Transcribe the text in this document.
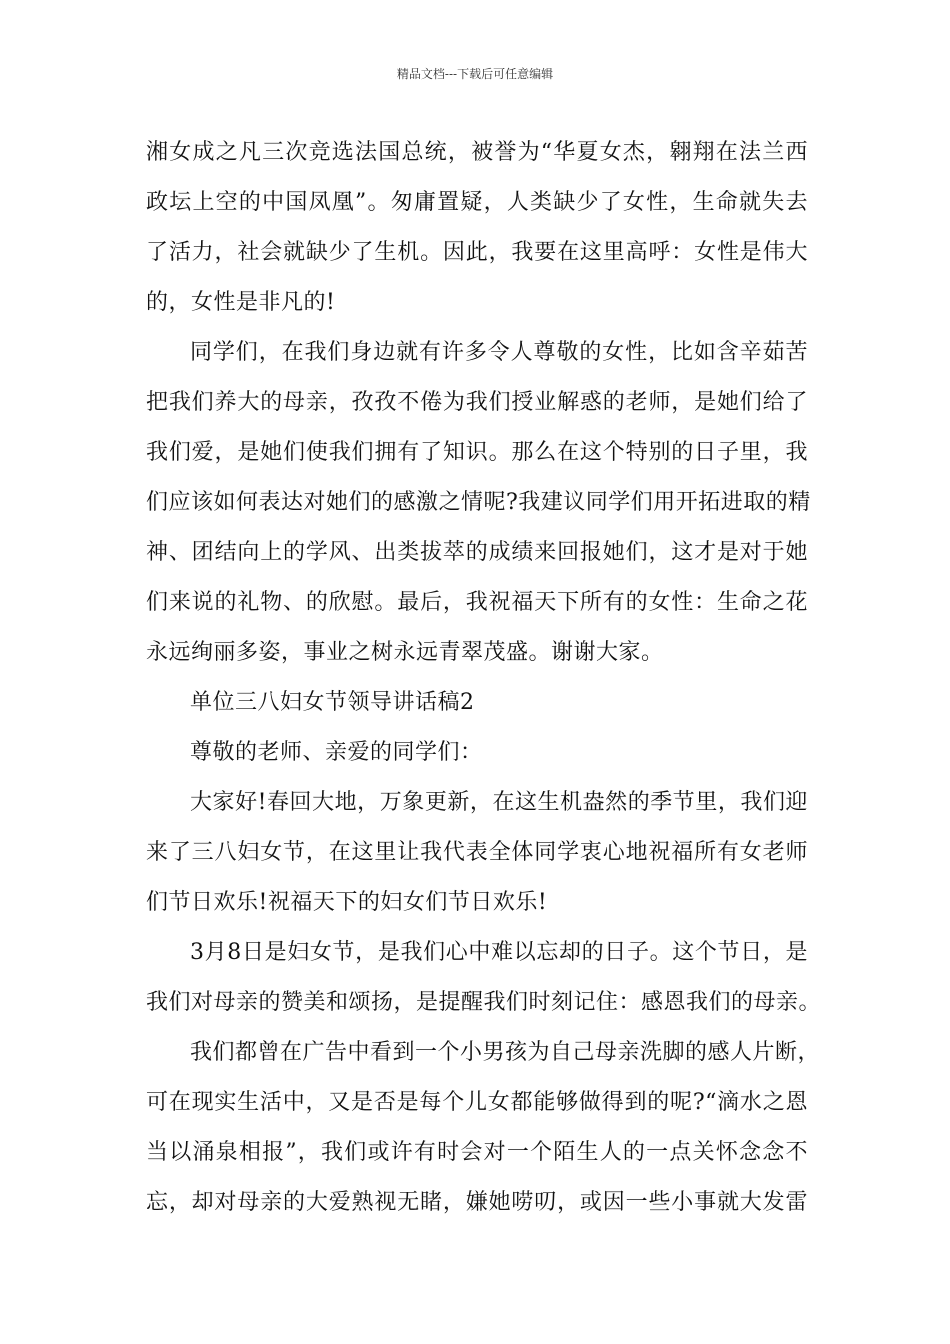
精品文档---下载后可任意编辑
湘女成之凡三次竞选法国总统，被誉为“华夏女杰，翱翔在法兰西
政坛上空的中国凤凰”。匆庸置疑，人类缺少了女性，生命就失去
了活力，社会就缺少了生机。因此，我要在这里高呼：女性是伟大
的，女性是非凡的!
同学们，在我们身边就有许多令人尊敬的女性，比如含辛茹苦
把我们养大的母亲，孜孜不倦为我们授业解惑的老师，是她们给了
我们爱，是她们使我们拥有了知识。那么在这个特别的日子里，我
们应该如何表达对她们的感激之情呢?我建议同学们用开拓进取的精
神、团结向上的学风、出类拔萃的成绩来回报她们，这才是对于她
们来说的礼物、的欣慰。最后，我祝福天下所有的女性：生命之花
永远绚丽多姿，事业之树永远青翠茂盛。谢谢大家。
单位三八妇女节领导讲话稿2
尊敬的老师、亲爱的同学们：
大家好!春回大地，万象更新，在这生机盎然的季节里，我们迎
来了三八妇女节，在这里让我代表全体同学衷心地祝福所有女老师
们节日欢乐!祝福天下的妇女们节日欢乐!
3月8日是妇女节，是我们心中难以忘却的日子。这个节日，是
我们对母亲的赞美和颂扬，是提醒我们时刻记住：感恩我们的母亲。
我们都曾在广告中看到一个小男孩为自己母亲洗脚的感人片断，
可在现实生活中，又是否是每个儿女都能够做得到的呢?“滴水之恩
当以涌泉相报”，我们或许有时会对一个陌生人的一点关怀念念不
忘，却对母亲的大爱熟视无睹，嫌她唠叨，或因一些小事就大发雷
